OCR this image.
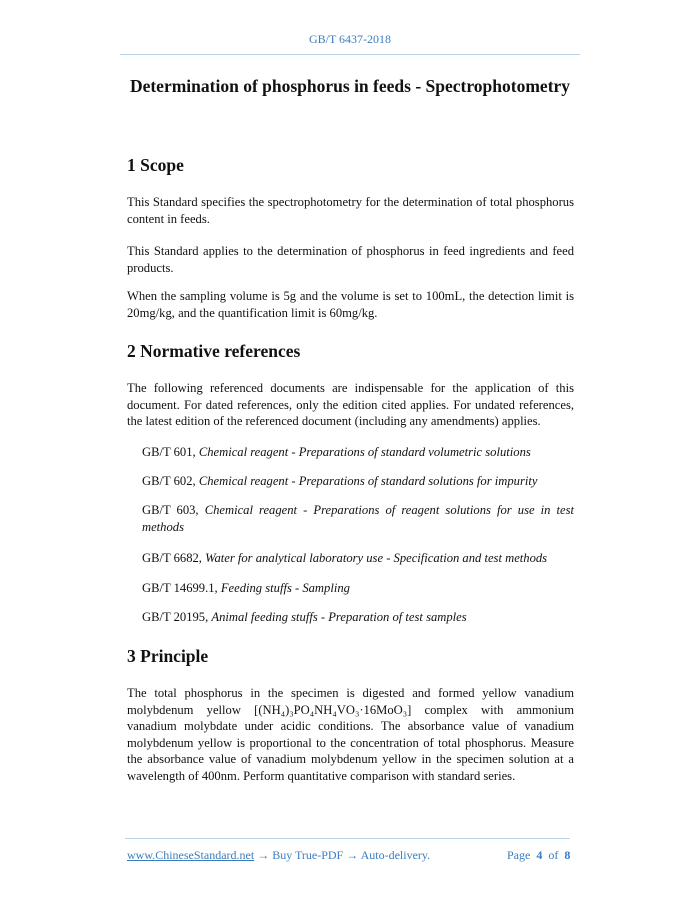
GB/T 6437-2018
Determination of phosphorus in feeds - Spectrophotometry
1 Scope
This Standard specifies the spectrophotometry for the determination of total phosphorus content in feeds.
This Standard applies to the determination of phosphorus in feed ingredients and feed products.
When the sampling volume is 5g and the volume is set to 100mL, the detection limit is 20mg/kg, and the quantification limit is 60mg/kg.
2 Normative references
The following referenced documents are indispensable for the application of this document. For dated references, only the edition cited applies. For undated references, the latest edition of the referenced document (including any amendments) applies.
GB/T 601, Chemical reagent - Preparations of standard volumetric solutions
GB/T 602, Chemical reagent - Preparations of standard solutions for impurity
GB/T 603, Chemical reagent - Preparations of reagent solutions for use in test methods
GB/T 6682, Water for analytical laboratory use - Specification and test methods
GB/T 14699.1, Feeding stuffs - Sampling
GB/T 20195, Animal feeding stuffs - Preparation of test samples
3 Principle
The total phosphorus in the specimen is digested and formed yellow vanadium molybdenum yellow [(NH₄)₃PO₄NH₄VO₃·16MoO₃] complex with ammonium vanadium molybdate under acidic conditions. The absorbance value of vanadium molybdenum yellow is proportional to the concentration of total phosphorus. Measure the absorbance value of vanadium molybdenum yellow in the specimen solution at a wavelength of 400nm. Perform quantitative comparison with standard series.
www.ChineseStandard.net → Buy True-PDF → Auto-delivery.	Page 4 of 8
